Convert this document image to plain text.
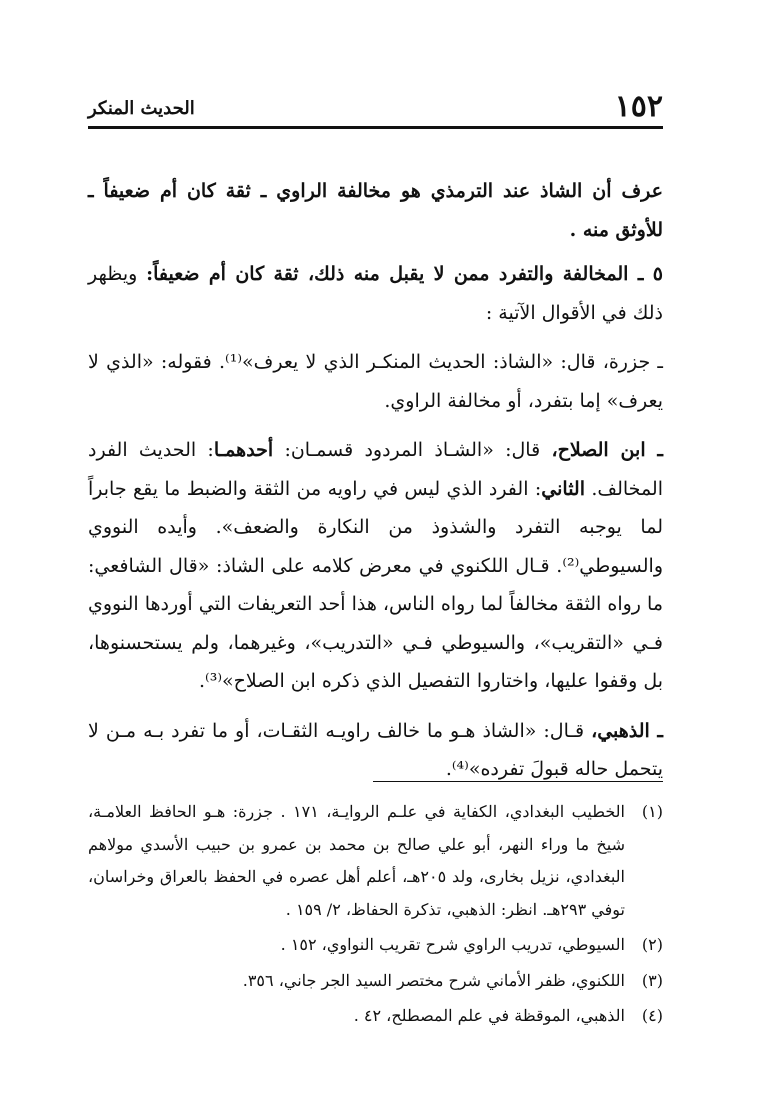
١٥٢
الحديث المنكر

عرف أن الشاذ عند الترمذي هو مخالفة الراوي ـ ثقة كان أم ضعيفاً ـ للأوثق منه .

٥ ـ المخالفة والتفرد ممن لا يقبل منه ذلك، ثقة كان أم ضعيفاً: ويظهر ذلك في الأقوال الآتية :

ـ جزرة، قال: «الشاذ: الحديث المنكـر الذي لا يعرف»⁽¹⁾. فقوله: «الذي لا يعرف» إما بتفرد، أو مخالفة الراوي.

ـ ابن الصلاح، قال: «الشـاذ المردود قسمـان: أحدهمـا: الحديث الفرد المخالف. الثاني: الفرد الذي ليس في راويه من الثقة والضبط ما يقع جابراً لما يوجبه التفرد والشذوذ من النكارة والضعف». وأيده النووي والسيوطي⁽²⁾. قـال اللكنوي في معرض كلامه على الشاذ: «قال الشافعي: ما رواه الثقة مخالفاً لما رواه الناس، هذا أحد التعريفات التي أوردها النووي فـي «التقريب»، والسيوطي فـي «التدريب»، وغيرهما، ولم يستحسنوها، بل وقفوا عليها، واختاروا التفصيل الذي ذكره ابن الصلاح»⁽³⁾.

ـ الذهبي، قـال: «الشاذ هـو ما خالف راويـه الثقـات، أو ما تفرد بـه مـن لا يتحمل حاله قبولَ تفرده»⁽⁴⁾.

(١)
الخطيب البغدادي، الكفاية في علـم الروايـة، ١٧١ . جزرة: هـو الحافظ العلامـة، شيخ ما وراء النهر، أبو علي صالح بن محمد بن عمرو بن حبيب الأسدي مولاهم البغدادي، نزيل بخارى، ولد ٢٠٥هـ، أعلم أهل عصره في الحفظ بالعراق وخراسان، توفي ٢٩٣هـ. انظر: الذهبي، تذكرة الحفاظ، ٢/ ١٥٩ .
(٢)
السيوطي، تدريب الراوي شرح تقريب النواوي، ١٥٢ .
(٣)
اللكنوي، ظفر الأماني شرح مختصر السيد الجر جاني، ٣٥٦.
(٤)
الذهبي، الموقظة في علم المصطلح، ٤٢ .
